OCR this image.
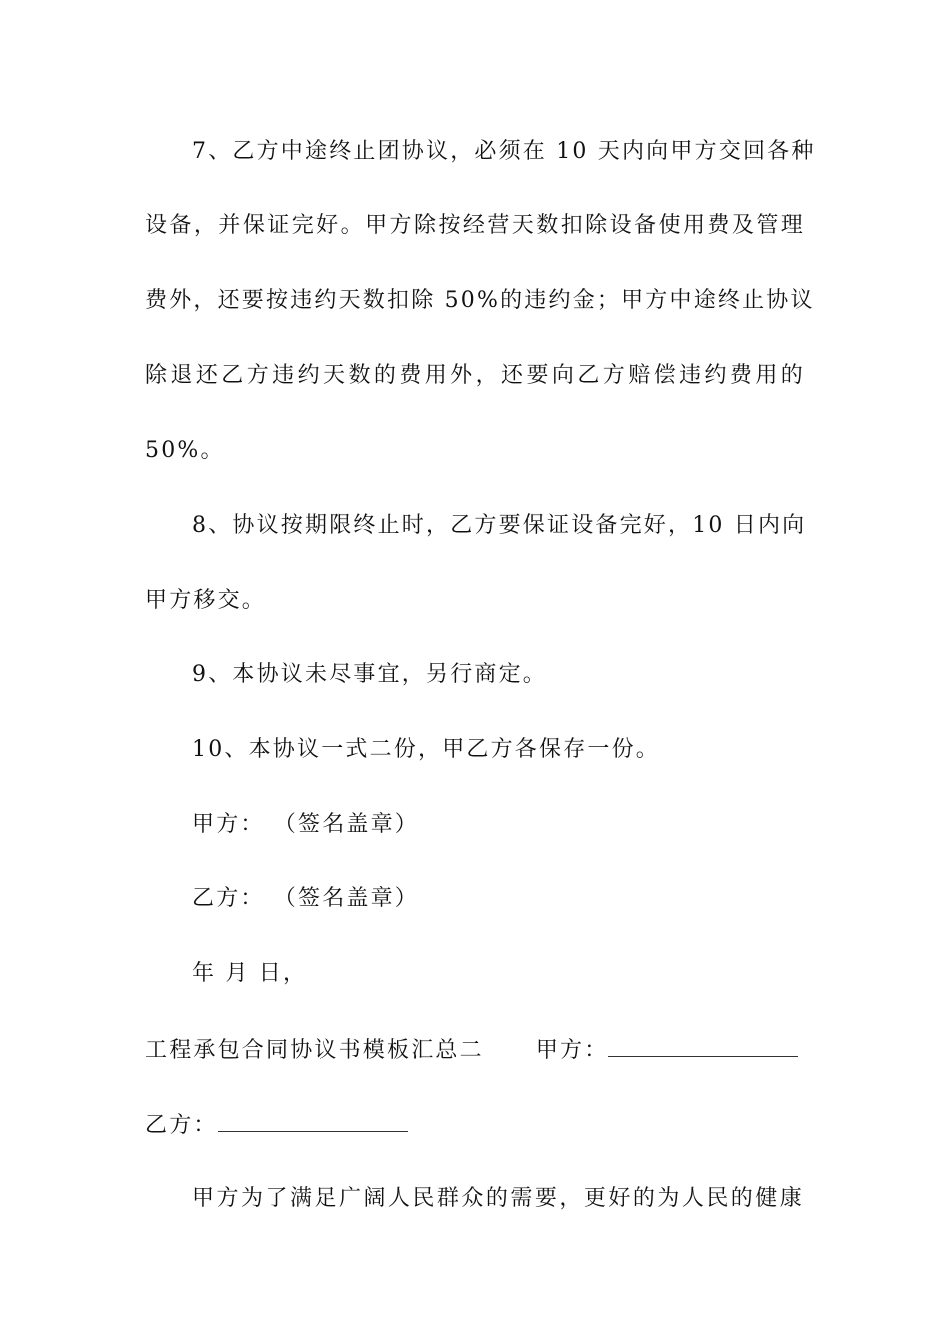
7、乙方中途终止团协议，必须在 10 天内向甲方交回各种
设备，并保证完好。甲方除按经营天数扣除设备使用费及管理
费外，还要按违约天数扣除 50%的违约金；甲方中途终止协议
除退还乙方违约天数的费用外，还要向乙方赔偿违约费用的
50%。
8、协议按期限终止时，乙方要保证设备完好，10 日内向
甲方移交。
9、本协议未尽事宜，另行商定。
10、本协议一式二份，甲乙方各保存一份。
甲方： （签名盖章）
乙方： （签名盖章）
年 月 日，
工程承包合同协议书模板汇总二 甲方：
乙方：
甲方为了满足广阔人民群众的需要，更好的为人民的健康
